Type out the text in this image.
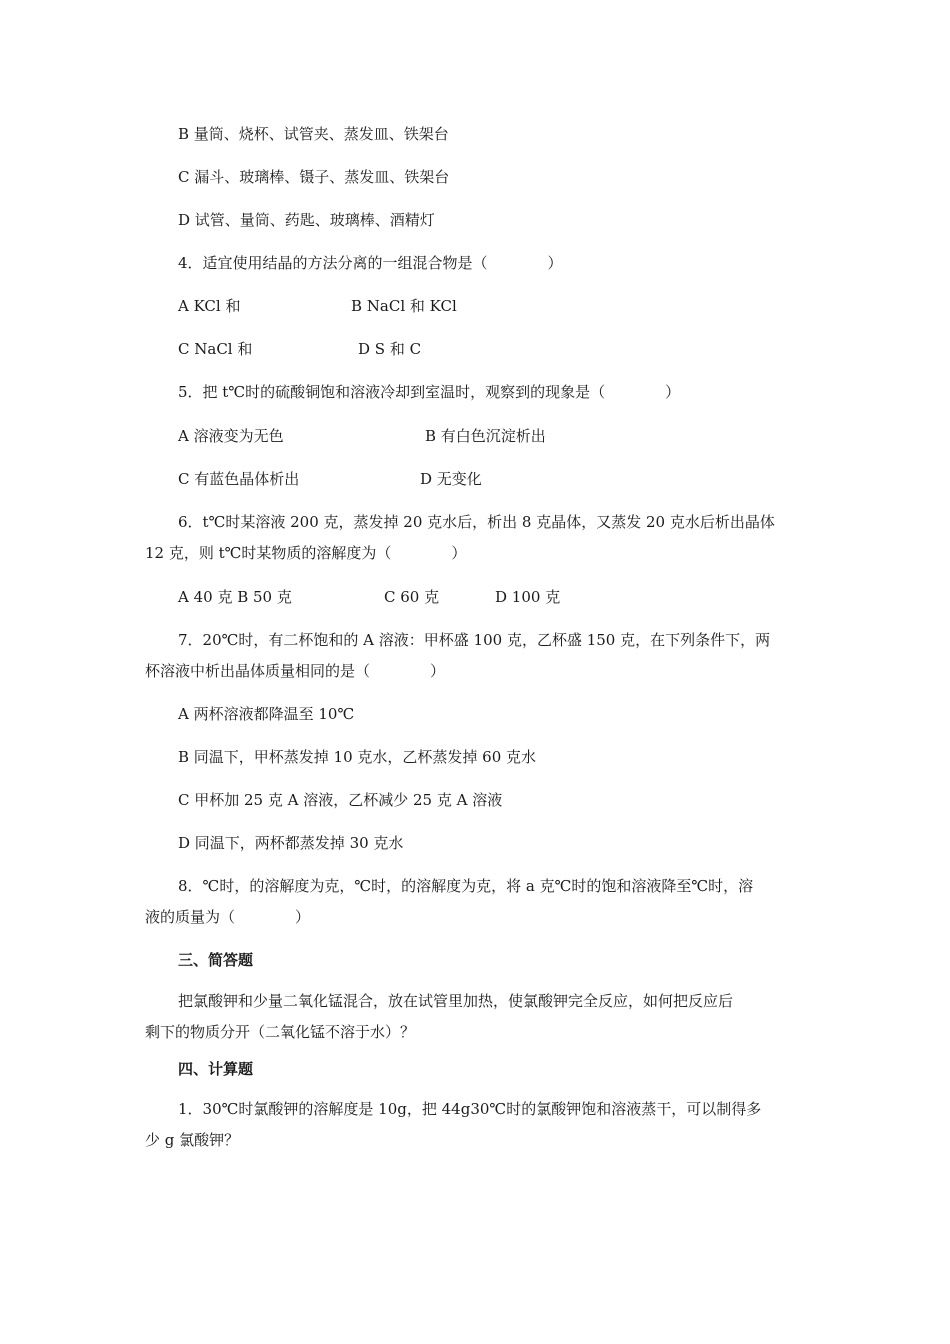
B 量筒、烧杯、试管夹、蒸发皿、铁架台
C 漏斗、玻璃棒、镊子、蒸发皿、铁架台
D 试管、量筒、药匙、玻璃棒、酒精灯
4．适宜使用结晶的方法分离的一组混合物是（　　　　）
A KCl 和	B NaCl 和 KCl
C NaCl 和	D S 和 C
5．把 t℃时的硫酸铜饱和溶液冷却到室温时，观察到的现象是（　　　　）
A 溶液变为无色	B 有白色沉淀析出
C 有蓝色晶体析出	D 无变化
6．t℃时某溶液 200 克，蒸发掉 20 克水后，析出 8 克晶体，又蒸发 20 克水后析出晶体
12 克，则 t℃时某物质的溶解度为（　　　　）
A 40 克 B 50 克	C 60 克	D 100 克
7．20℃时，有二杯饱和的 A 溶液：甲杯盛 100 克，乙杯盛 150 克，在下列条件下，两
杯溶液中析出晶体质量相同的是（　　　　）
A 两杯溶液都降温至 10℃
B 同温下，甲杯蒸发掉 10 克水，乙杯蒸发掉 60 克水
C 甲杯加 25 克 A 溶液，乙杯减少 25 克 A 溶液
D 同温下，两杯都蒸发掉 30 克水
8．℃时，的溶解度为克，℃时，的溶解度为克，将 a 克℃时的饱和溶液降至℃时，溶
液的质量为（　　　　）
三、简答题
把氯酸钾和少量二氧化锰混合，放在试管里加热，使氯酸钾完全反应，如何把反应后
剩下的物质分开（二氧化锰不溶于水）？
四、计算题
1．30℃时氯酸钾的溶解度是 10g，把 44g30℃时的氯酸钾饱和溶液蒸干，可以制得多
少 g 氯酸钾？
